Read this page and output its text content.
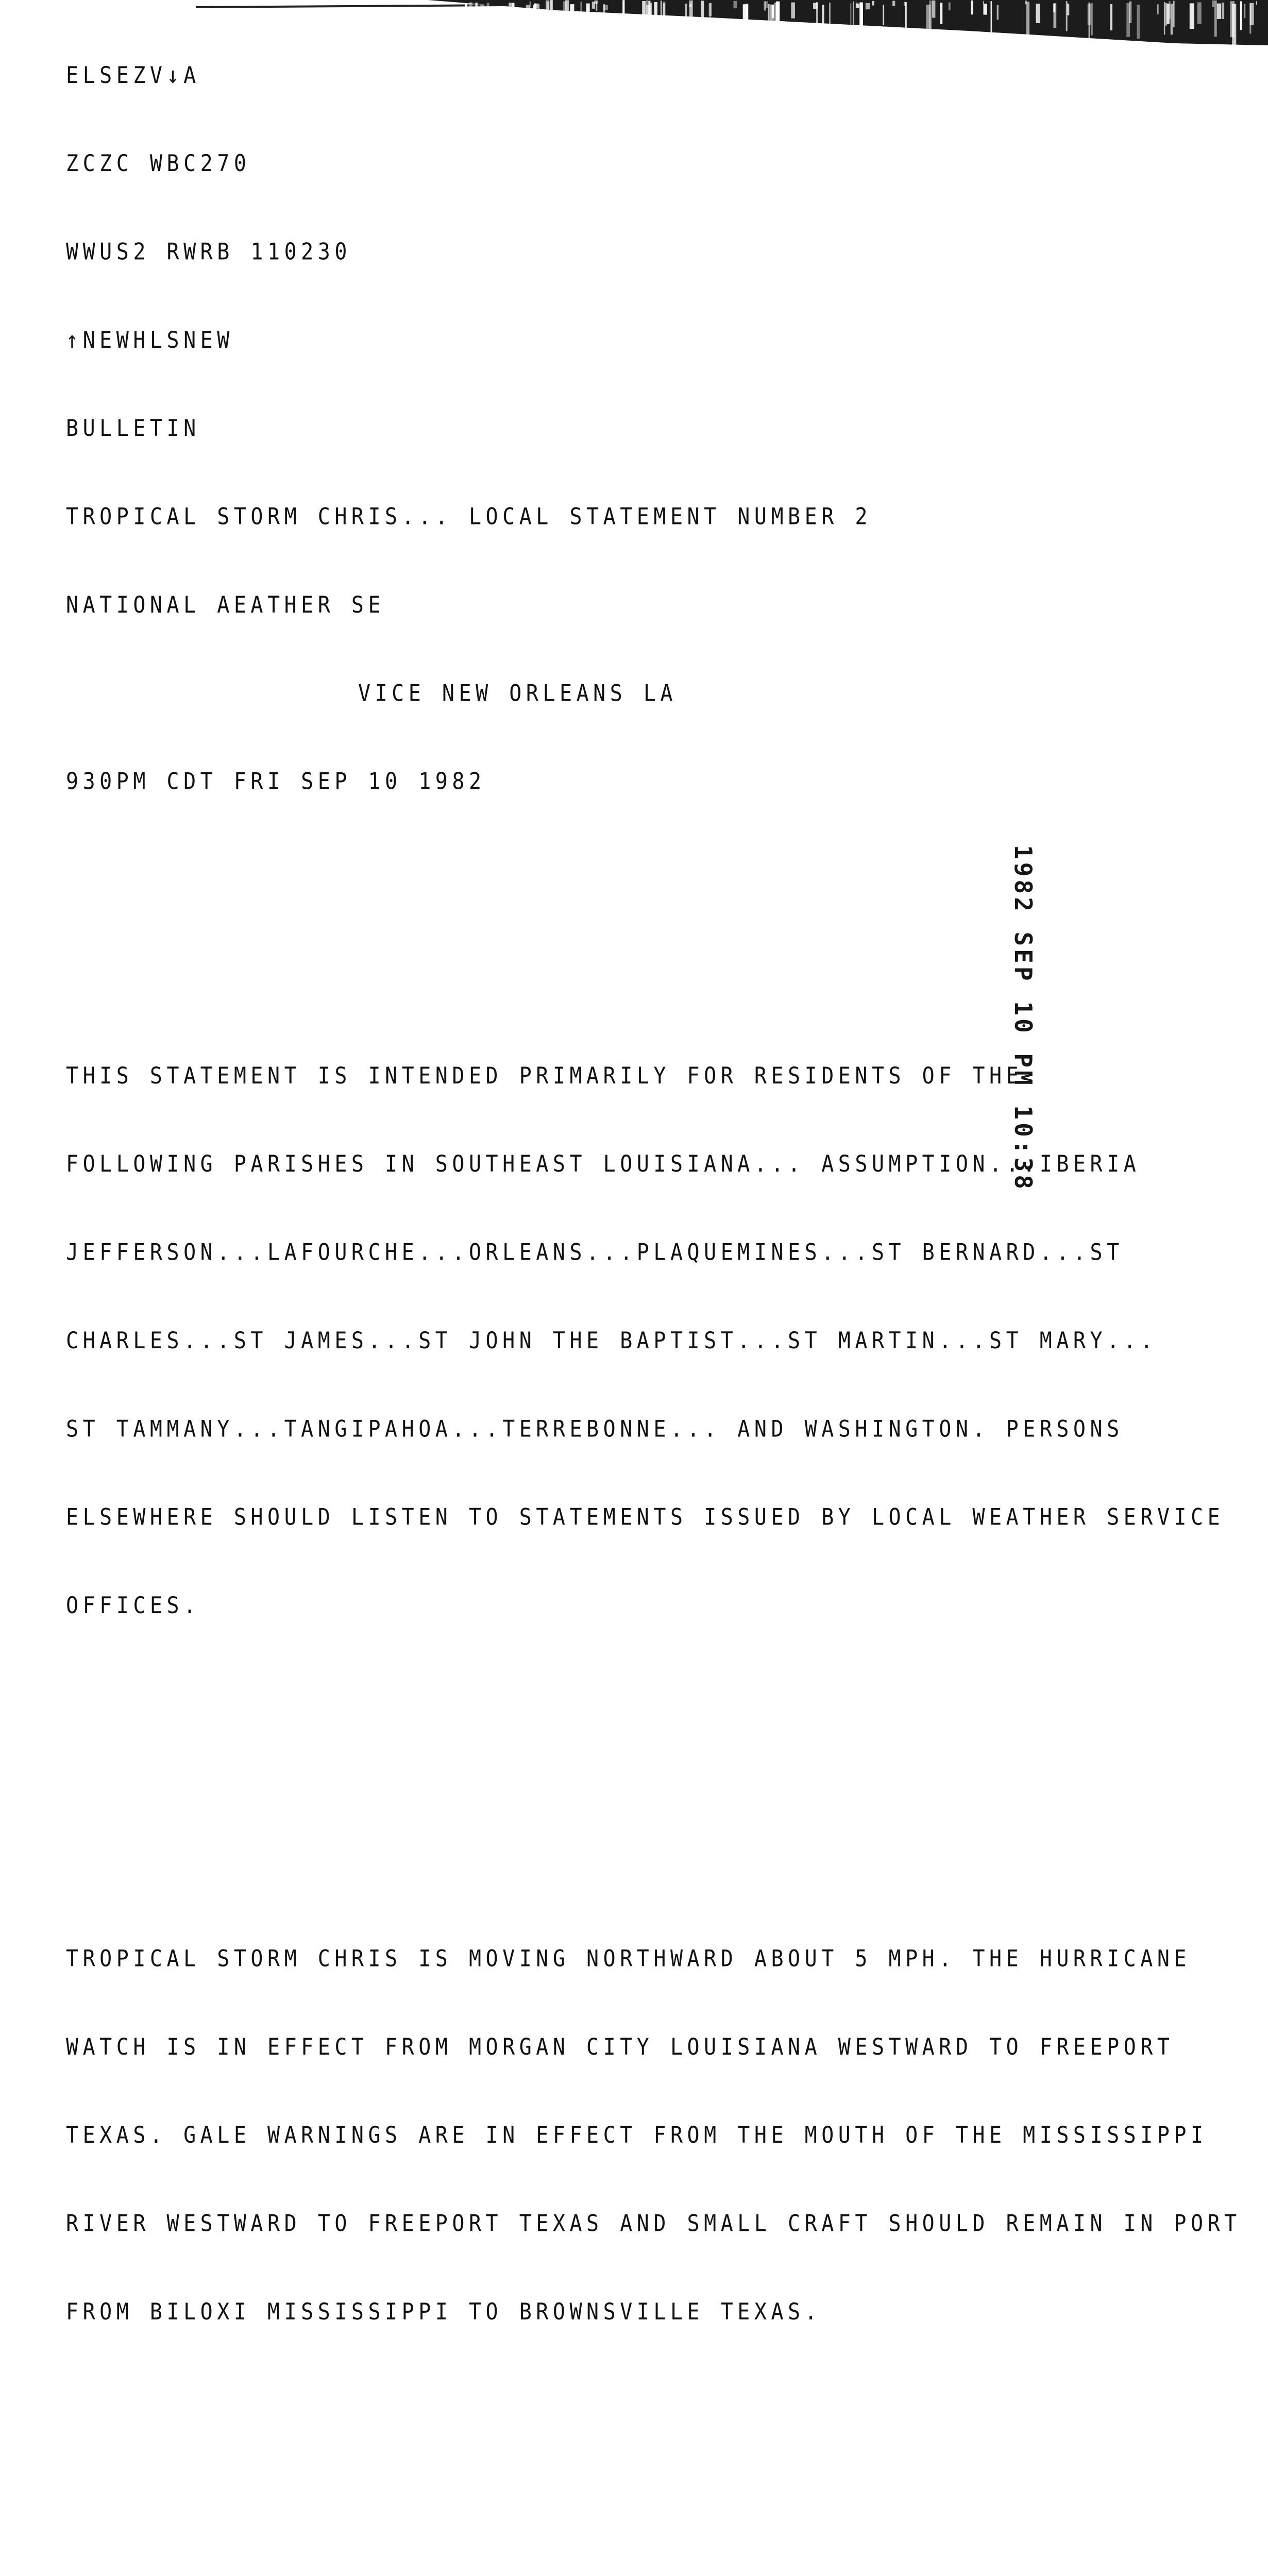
ELSEZV↓A

ZCZC WBC270

WWUS2 RWRB 110230

↑NEWHLSNEW

BULLETIN

TROPICAL STORM CHRIS... LOCAL STATEMENT NUMBER 2

NATIONAL AEATHER SE

VICE NEW ORLEANS LA

930PM CDT FRI SEP 10 1982

THIS STATEMENT IS INTENDED PRIMARILY FOR RESIDENTS OF THE

FOLLOWING PARISHES IN SOUTHEAST LOUISIANA... ASSUMPTION...IBERIA

JEFFERSON...LAFOURCHE...ORLEANS...PLAQUEMINES...ST BERNARD...ST

CHARLES...ST JAMES...ST JOHN THE BAPTIST...ST MARTIN...ST MARY...

ST TAMMANY...TANGIPAHOA...TERREBONNE... AND WASHINGTON. PERSONS

ELSEWHERE SHOULD LISTEN TO STATEMENTS ISSUED BY LOCAL WEATHER SERVICE

OFFICES.

TROPICAL STORM CHRIS IS MOVING NORTHWARD ABOUT 5 MPH. THE HURRICANE

WATCH IS IN EFFECT FROM MORGAN CITY LOUISIANA WESTWARD TO FREEPORT

TEXAS. GALE WARNINGS ARE IN EFFECT FROM THE MOUTH OF THE MISSISSIPPI

RIVER WESTWARD TO FREEPORT TEXAS AND SMALL CRAFT SHOULD REMAIN IN PORT

FROM BILOXI MISSISSIPPI TO BROWNSVILLE TEXAS.

1982 SEP 10 PM 10:38
